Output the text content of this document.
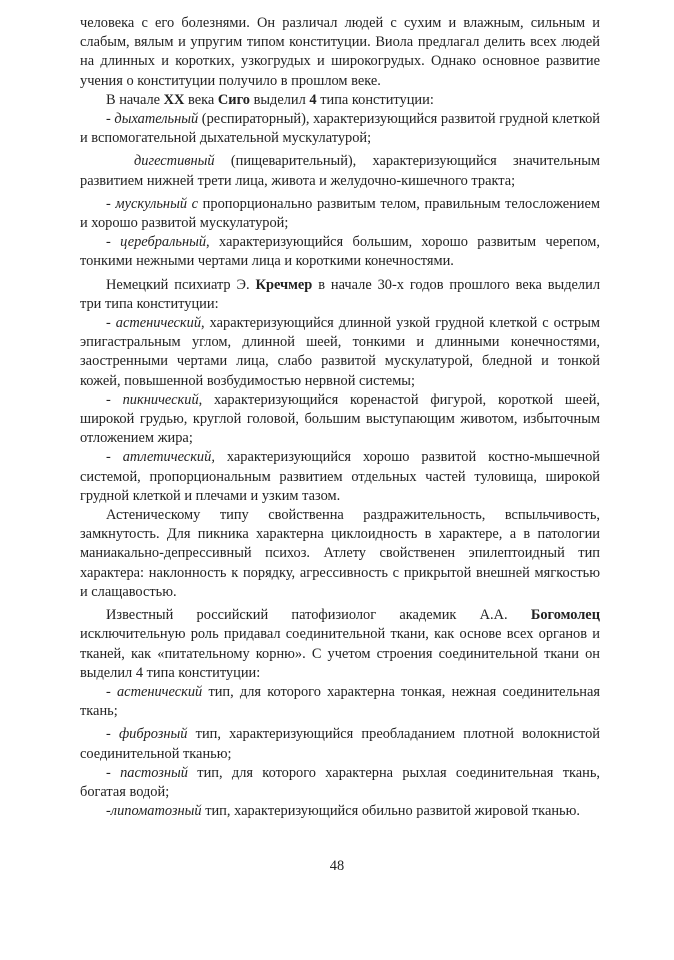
человека с его болезнями. Он различал людей с сухим и влажным, сильным и слабым, вялым и упругим типом конституции. Виола предлагал делить всех людей на длинных и коротких, узкогрудых и широкогрудых. Однако основное развитие учения о конституции получило в прошлом веке.

В начале XX века Сиго выделил 4 типа конституции:

- дыхательный (респираторный), характеризующийся развитой грудной клеткой и вспомогательной дыхательной мускулатурой;

дигестивный (пищеварительный), характеризующийся значительным развитием нижней трети лица, живота и желудочно-кишечного тракта;

- мускульный с пропорционально развитым телом, правильным телосложением и хорошо развитой мускулатурой;

- церебральный, характеризующийся большим, хорошо развитым черепом, тонкими нежными чертами лица и короткими конечностями.

Немецкий психиатр Э. Кречмер в начале 30-х годов прошлого века выделил три типа конституции:

- астенический, характеризующийся длинной узкой грудной клеткой с острым эпигастральным углом, длинной шеей, тонкими и длинными конечностями, заостренными чертами лица, слабо развитой мускулатурой, бледной и тонкой кожей, повышенной возбудимостью нервной системы;

- пикнический, характеризующийся коренастой фигурой, короткой шеей, широкой грудью, круглой головой, большим выступающим животом, избыточным отложением жира;

- атлетический, характеризующийся хорошо развитой костно-мышечной системой, пропорциональным развитием отдельных частей туловища, широкой грудной клеткой и плечами и узким тазом.

Астеническому типу свойственна раздражительность, вспыльчивость, замкнутость. Для пикника характерна циклоидность в характере, а в патологии маниакально-депрессивный психоз. Атлету свойственен эпилептоидный тип характера: наклонность к порядку, агрессивность с прикрытой внешней мягкостью и слащавостью.

Известный российский патофизиолог академик А.А. Богомолец исключительную роль придавал соединительной ткани, как основе всех органов и тканей, как «питательному корню». С учетом строения соединительной ткани он выделил 4 типа конституции:

- астенический тип, для которого характерна тонкая, нежная соединительная ткань;

- фиброзный тип, характеризующийся преобладанием плотной волокнистой соединительной тканью;

- пастозный тип, для которого характерна рыхлая соединительная ткань, богатая водой;

-липоматозный тип, характеризующийся обильно развитой жировой тканью.

48
